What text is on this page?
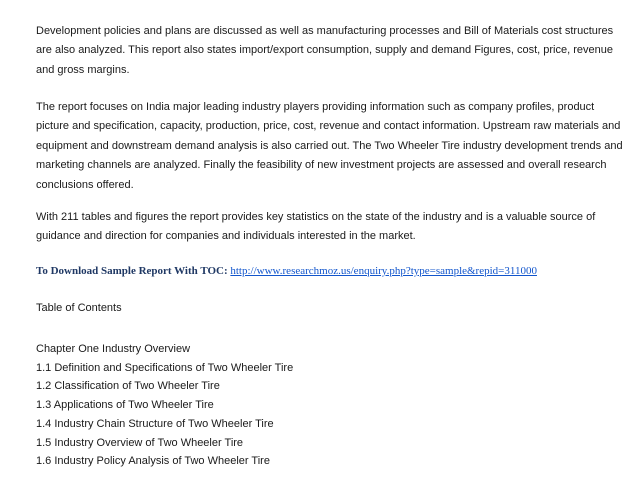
Development policies and plans are discussed as well as manufacturing processes and Bill of Materials cost structures are also analyzed. This report also states import/export consumption, supply and demand Figures, cost, price, revenue and gross margins.

The report focuses on India major leading industry players providing information such as company profiles, product picture and specification, capacity, production, price, cost, revenue and contact information. Upstream raw materials and equipment and downstream demand analysis is also carried out. The Two Wheeler Tire industry development trends and marketing channels are analyzed. Finally the feasibility of new investment projects are assessed and overall research conclusions offered.

With 211 tables and figures the report provides key statistics on the state of the industry and is a valuable source of guidance and direction for companies and individuals interested in the market.

To Download Sample Report With TOC: http://www.researchmoz.us/enquiry.php?type=sample&repid=311000

Table of Contents

Chapter One Industry Overview
1.1 Definition and Specifications of Two Wheeler Tire
1.2 Classification of Two Wheeler Tire
1.3 Applications of Two Wheeler Tire
1.4 Industry Chain Structure of Two Wheeler Tire
1.5 Industry Overview of Two Wheeler Tire
1.6 Industry Policy Analysis of Two Wheeler Tire
